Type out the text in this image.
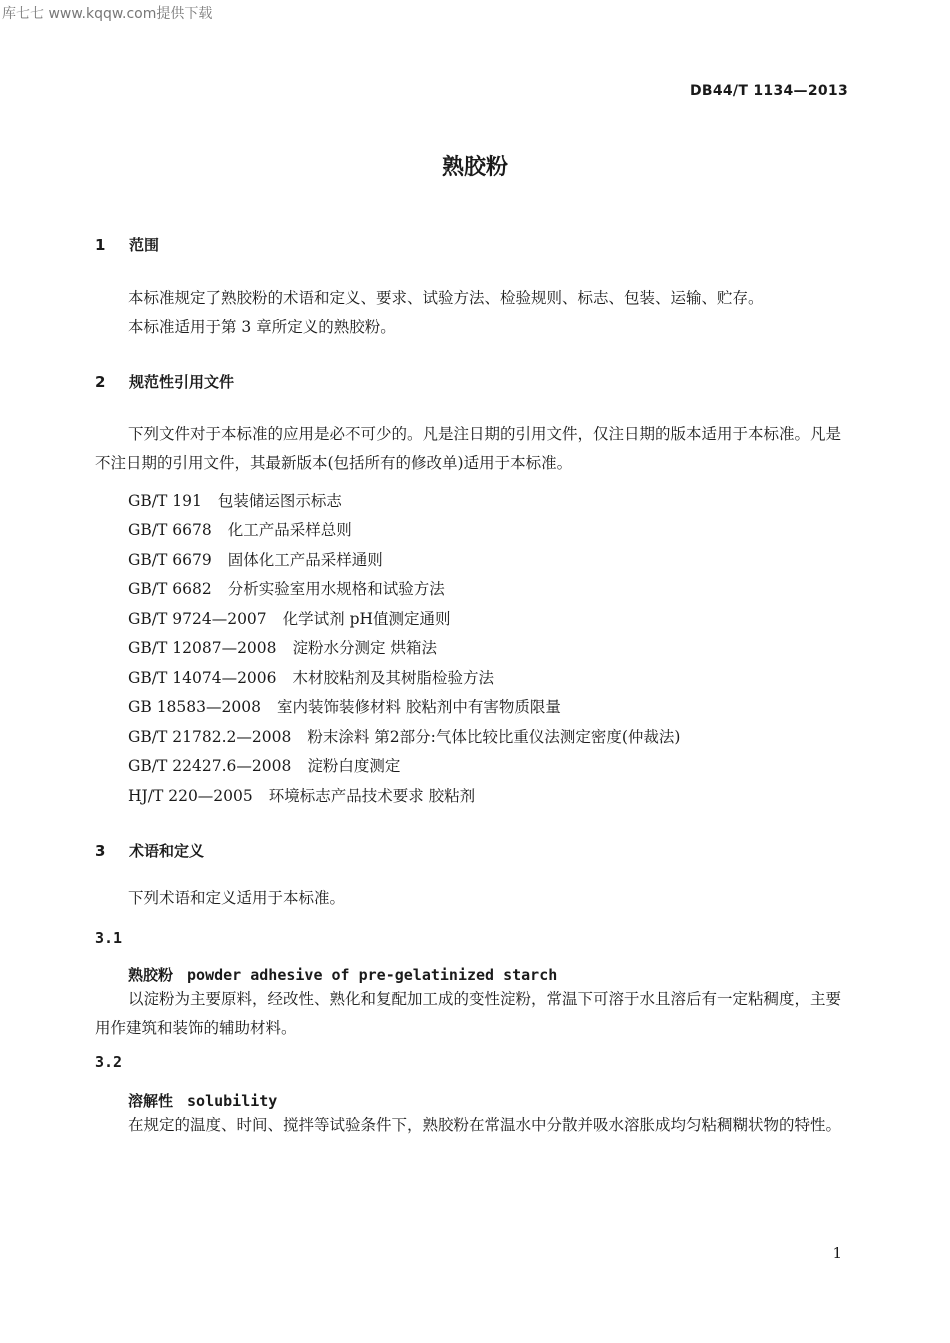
库七七 www.kqqw.com提供下载
DB44/T 1134—2013
熟胶粉
1 范围
本标准规定了熟胶粉的术语和定义、要求、试验方法、检验规则、标志、包装、运输、贮存。
本标准适用于第 3 章所定义的熟胶粉。
2 规范性引用文件
下列文件对于本标准的应用是必不可少的。凡是注日期的引用文件，仅注日期的版本适用于本标准。凡是不注日期的引用文件，其最新版本(包括所有的修改单)适用于本标准。
GB/T 191 包装储运图示标志
GB/T 6678 化工产品采样总则
GB/T 6679 固体化工产品采样通则
GB/T 6682 分析实验室用水规格和试验方法
GB/T 9724—2007 化学试剂 pH值测定通则
GB/T 12087—2008 淀粉水分测定 烘箱法
GB/T 14074—2006 木材胶粘剂及其树脂检验方法
GB 18583—2008 室内装饰装修材料 胶粘剂中有害物质限量
GB/T 21782.2—2008 粉末涂料 第2部分:气体比较比重仪法测定密度(仲裁法)
GB/T 22427.6—2008 淀粉白度测定
HJ/T 220—2005 环境标志产品技术要求 胶粘剂
3 术语和定义
下列术语和定义适用于本标准。
3.1
熟胶粉 powder adhesive of pre-gelatinized starch
以淀粉为主要原料，经改性、熟化和复配加工成的变性淀粉，常温下可溶于水且溶后有一定粘稠度，主要用作建筑和装饰的辅助材料。
3.2
溶解性 solubility
在规定的温度、时间、搅拌等试验条件下，熟胶粉在常温水中分散并吸水溶胀成均匀粘稠糊状物的特性。
1
